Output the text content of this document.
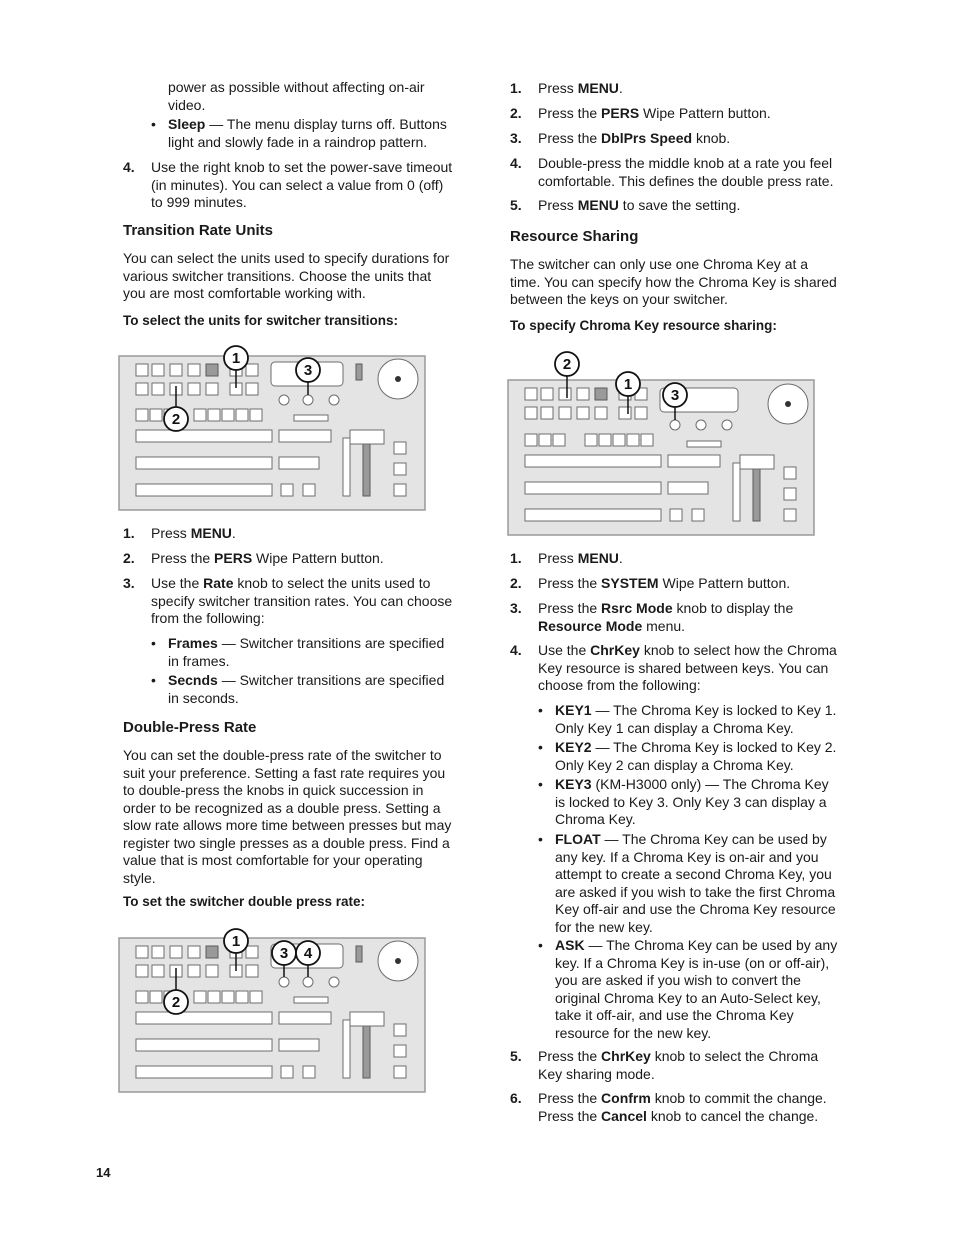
power as possible without affecting on-air video.
• Sleep — The menu display turns off. Buttons light and slowly fade in a raindrop pattern.
4. Use the right knob to set the power-save timeout (in minutes). You can select a value from 0 (off) to 999 minutes.
Transition Rate Units
You can select the units used to specify durations for various switcher transitions. Choose the units that you are most comfortable working with.
To select the units for switcher transitions:
1
2
3
1. Press MENU.
2. Press the PERS Wipe Pattern button.
3. Use the Rate knob to select the units used to specify switcher transition rates. You can choose from the following:
• Frames — Switcher transitions are specified in frames.
• Secnds — Switcher transitions are specified in seconds.
Double-Press Rate
You can set the double-press rate of the switcher to suit your preference. Setting a fast rate requires you to double-press the knobs in quick succession in order to be recognized as a double press. Setting a slow rate allows more time between presses but may register two single presses as a double press. Find a value that is most comfortable for your operating style.
To set the switcher double press rate:
1
2
3 4
1. Press MENU.
2. Press the PERS Wipe Pattern button.
3. Press the DblPrs Speed knob.
4. Double-press the middle knob at a rate you feel comfortable. This defines the double press rate.
5. Press MENU to save the setting.
Resource Sharing
The switcher can only use one Chroma Key at a time. You can specify how the Chroma Key is shared between the keys on your switcher.
To specify Chroma Key resource sharing:
2
1
3
1. Press MENU.
2. Press the SYSTEM Wipe Pattern button.
3. Press the Rsrc Mode knob to display the Resource Mode menu.
4. Use the ChrKey knob to select how the Chroma Key resource is shared between keys. You can choose from the following:
• KEY1 — The Chroma Key is locked to Key 1. Only Key 1 can display a Chroma Key.
• KEY2 — The Chroma Key is locked to Key 2. Only Key 2 can display a Chroma Key.
• KEY3 (KM-H3000 only) — The Chroma Key is locked to Key 3. Only Key 3 can display a Chroma Key.
• FLOAT — The Chroma Key can be used by any key. If a Chroma Key is on-air and you attempt to create a second Chroma Key, you are asked if you wish to take the first Chroma Key off-air and use the Chroma Key resource for the new key.
• ASK — The Chroma Key can be used by any key. If a Chroma Key is in-use (on or off-air), you are asked if you wish to convert the original Chroma Key to an Auto-Select key, take it off-air, and use the Chroma Key resource for the new key.
5. Press the ChrKey knob to select the Chroma Key sharing mode.
6. Press the Confrm knob to commit the change. Press the Cancel knob to cancel the change.
14
